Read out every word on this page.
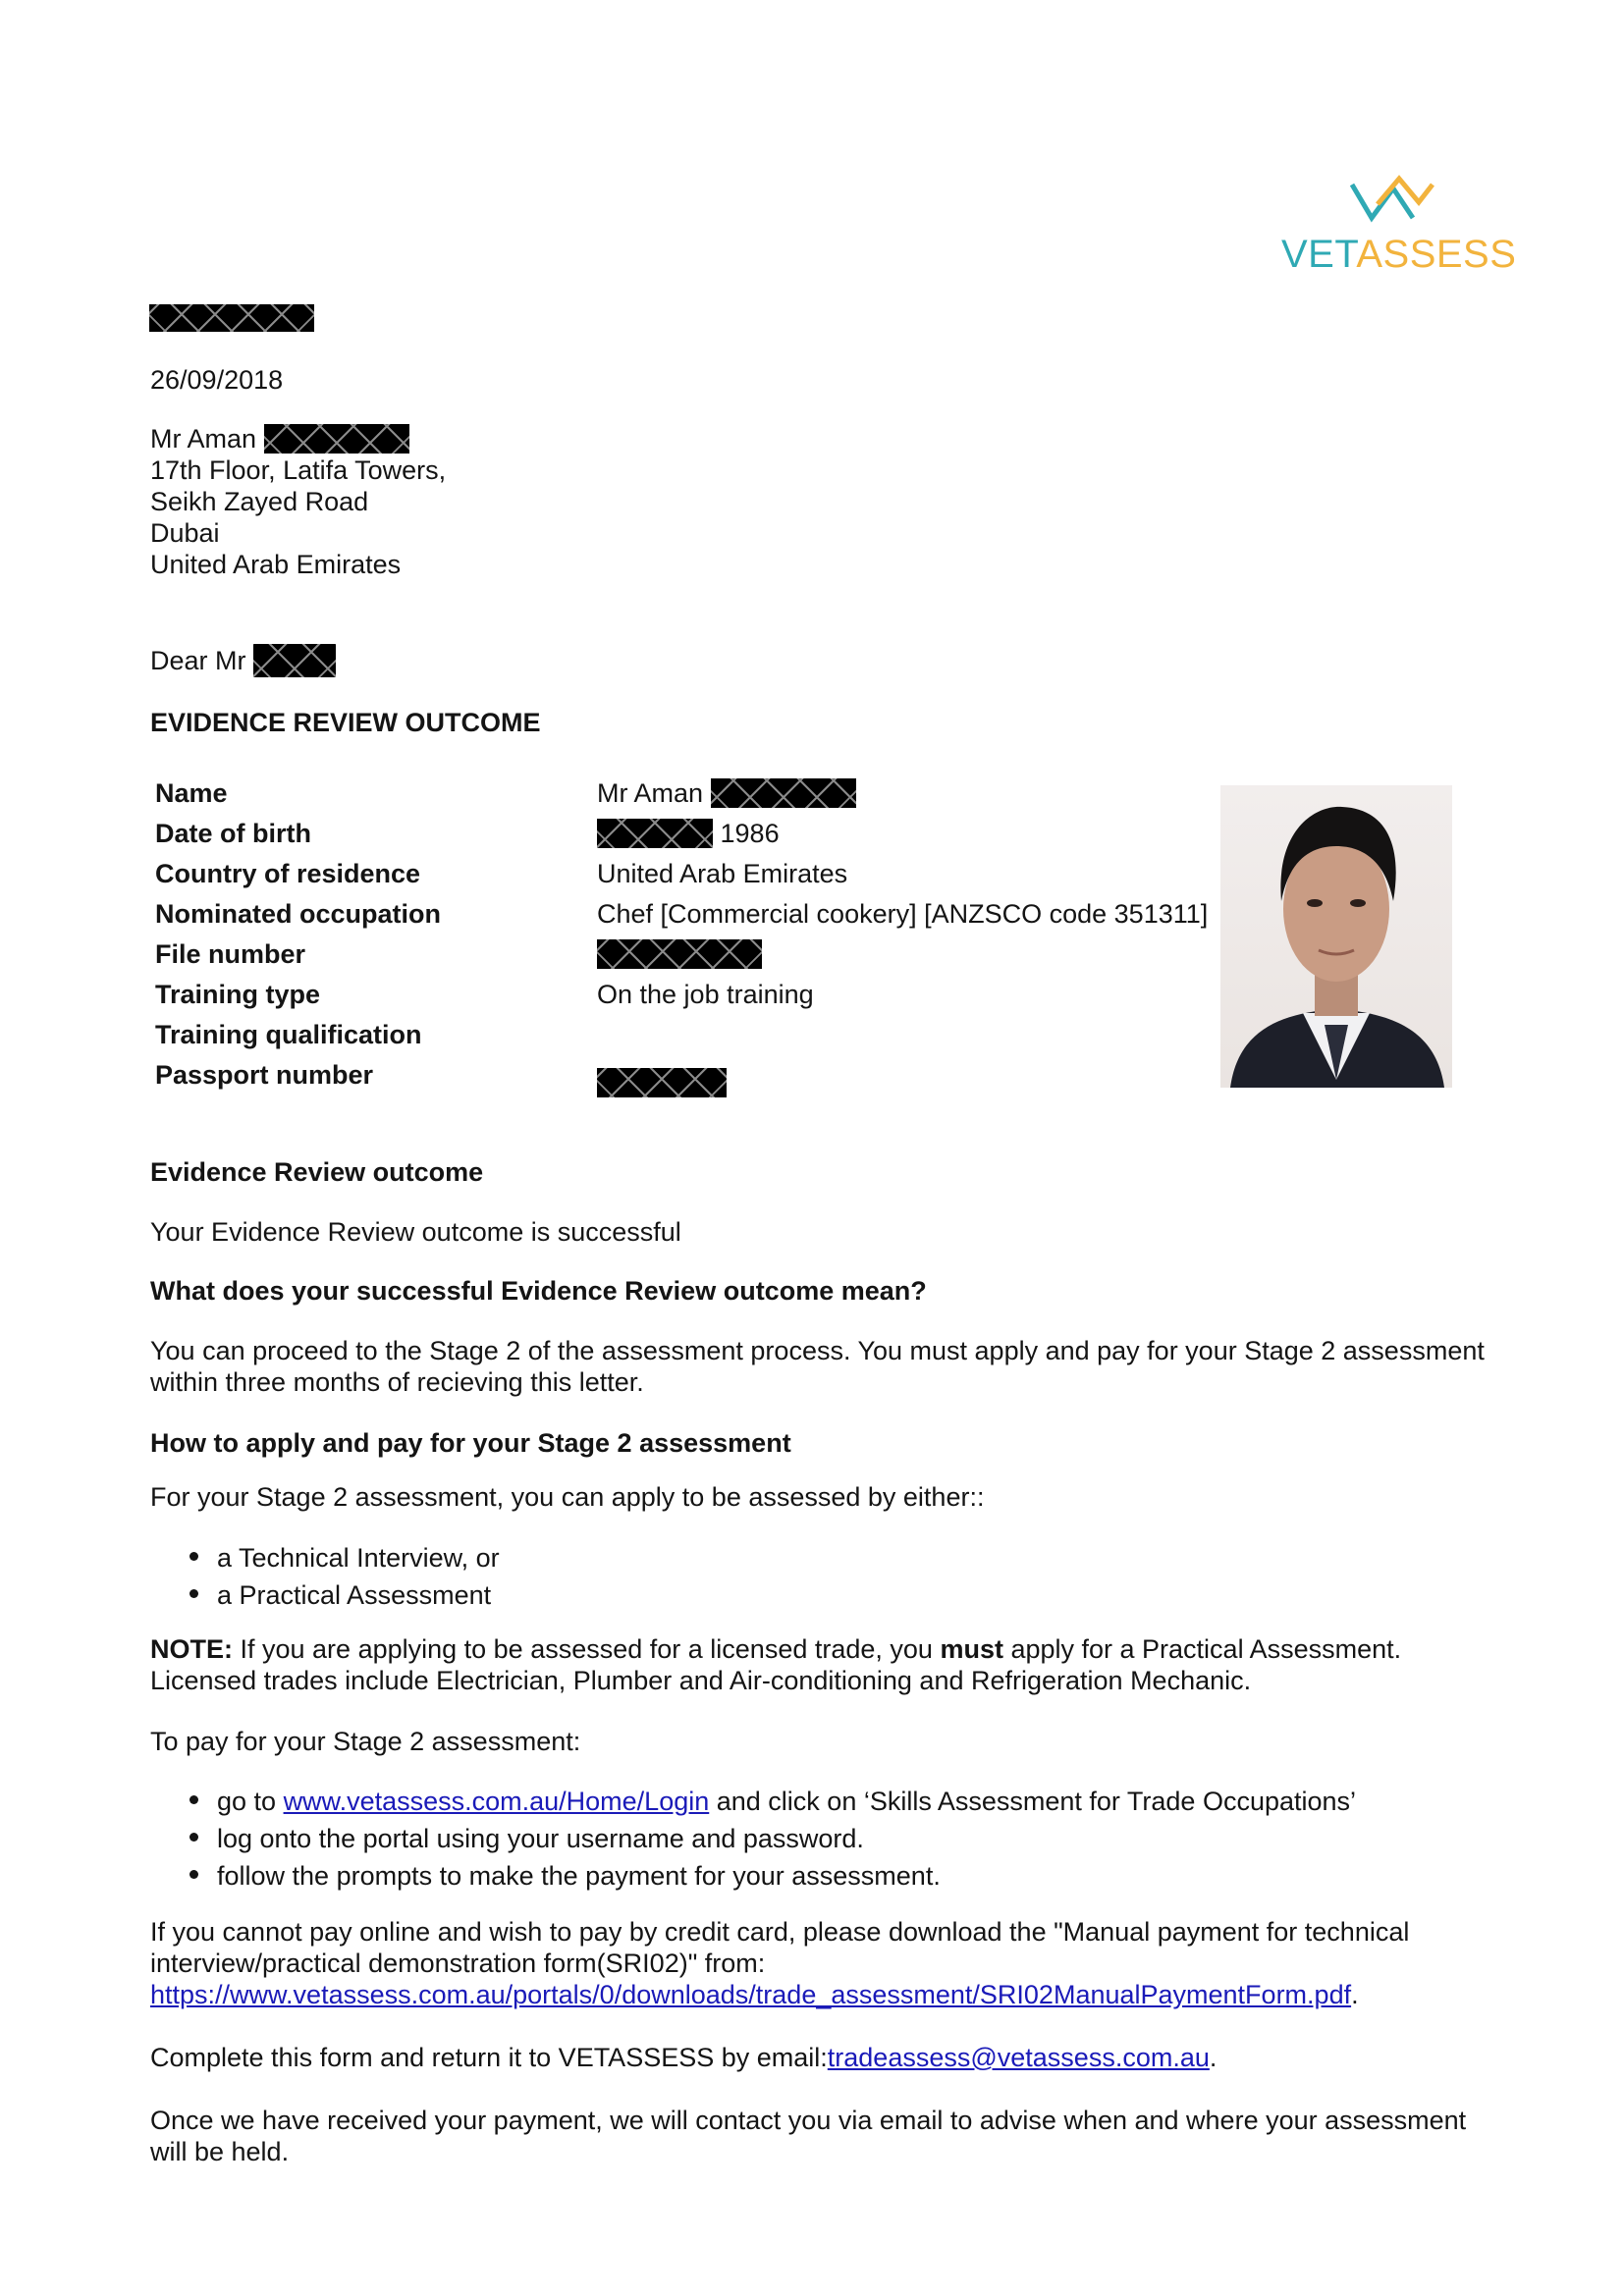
VETASSESS
26/09/2018
Mr Aman
17th Floor, Latifa Towers,
Seikh Zayed Road
Dubai
United Arab Emirates
Dear Mr
EVIDENCE REVIEW OUTCOME
Name	Mr Aman
Date of birth	1986
Country of residence	United Arab Emirates
Nominated occupation	Chef [Commercial cookery] [ANZSCO code 351311]
File number
Training type	On the job training
Training qualification
Passport number
Evidence Review outcome
Your Evidence Review outcome is successful
What does your successful Evidence Review outcome mean?
You can proceed to the Stage 2 of the assessment process. You must apply and pay for your Stage 2 assessment within three months of recieving this letter.
How to apply and pay for your Stage 2 assessment
For your Stage 2 assessment, you can apply to be assessed by either::
a Technical Interview, or
a Practical Assessment
NOTE: If you are applying to be assessed for a licensed trade, you must apply for a Practical Assessment. Licensed trades include Electrician, Plumber and Air-conditioning and Refrigeration Mechanic.
To pay for your Stage 2 assessment:
go to www.vetassess.com.au/Home/Login and click on ‘Skills Assessment for Trade Occupations’
log onto the portal using your username and password.
follow the prompts to make the payment for your assessment.
If you cannot pay online and wish to pay by credit card, please download the "Manual payment for technical interview/practical demonstration form(SRI02)" from:
https://www.vetassess.com.au/portals/0/downloads/trade_assessment/SRI02ManualPaymentForm.pdf.
Complete this form and return it to VETASSESS by email:tradeassess@vetassess.com.au.
Once we have received your payment, we will contact you via email to advise when and where your assessment will be held.
